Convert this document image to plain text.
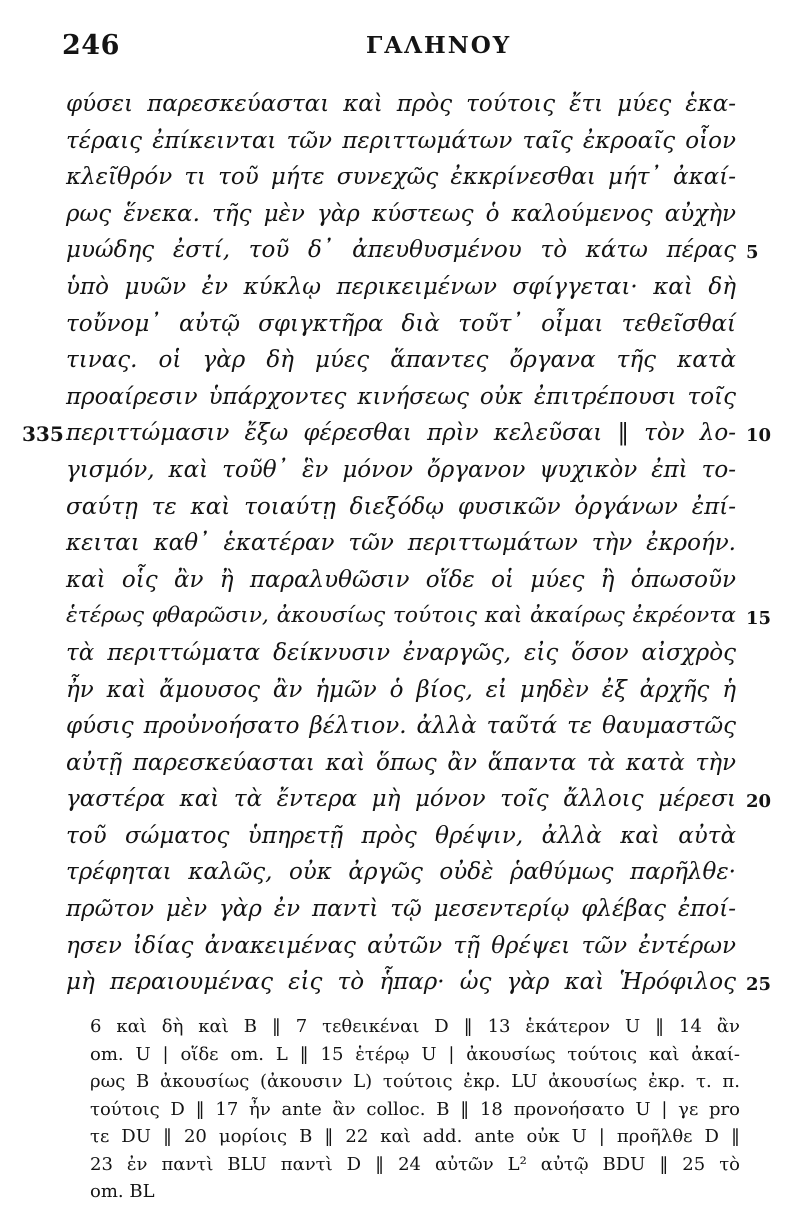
246	ΓΑΛΗΝΟΥ
φύσει παρεσκεύασται καὶ πρὸς τούτοις ἔτι μύες ἑκα-
τέραις ἐπίκεινται τῶν περιττωμάτων ταῖς ἐκροαῖς οἷον
κλεῖθρόν τι τοῦ μήτε συνεχῶς ἐκκρίνεσθαι μήτ᾽ ἀκαί-
ρως ἕνεκα. τῆς μὲν γὰρ κύστεως ὁ καλούμενος αὐχὴν
μυώδης ἐστί, τοῦ δ᾽ ἀπευθυσμένου τὸ κάτω πέρας 5
ὑπὸ μυῶν ἐν κύκλῳ περικειμένων σφίγγεται· καὶ δὴ
τοὔνομ᾽ αὐτῷ σφιγκτῆρα διὰ τοῦτ᾽ οἶμαι τεθεῖσθαί
τινας. οἱ γὰρ δὴ μύες ἅπαντες ὄργανα τῆς κατὰ
προαίρεσιν ὑπάρχοντες κινήσεως οὐκ ἐπιτρέπουσι τοῖς
335 περιττώμασιν ἔξω φέρεσθαι πρὶν κελεῦσαι ‖ τὸν λο- 10
γισμόν, καὶ τοῦθ᾽ ἓν μόνον ὄργανον ψυχικὸν ἐπὶ το-
σαύτῃ τε καὶ τοιαύτῃ διεξόδῳ φυσικῶν ὀργάνων ἐπί-
κειται καθ᾽ ἑκατέραν τῶν περιττωμάτων τὴν ἐκροήν.
καὶ οἷς ἂν ἢ παραλυθῶσιν οἵδε οἱ μύες ἢ ὁπωσοῦν
ἑτέρως φθαρῶσιν, ἀκουσίως τούτοις καὶ ἀκαίρως ἐκρέοντα 15
τὰ περιττώματα δείκνυσιν ἐναργῶς, εἰς ὅσον αἰσχρὸς
ἦν καὶ ἄμουσος ἂν ἡμῶν ὁ βίος, εἰ μηδὲν ἐξ ἀρχῆς ἡ
φύσις προὐνοήσατο βέλτιον. ἀλλὰ ταῦτά τε θαυμαστῶς
αὐτῇ παρεσκεύασται καὶ ὅπως ἂν ἅπαντα τὰ κατὰ τὴν
γαστέρα καὶ τὰ ἔντερα μὴ μόνον τοῖς ἄλλοις μέρεσι 20
τοῦ σώματος ὑπηρετῇ πρὸς θρέψιν, ἀλλὰ καὶ αὐτὰ
τρέφηται καλῶς, οὐκ ἀργῶς οὐδὲ ῥαθύμως παρῆλθε·
πρῶτον μὲν γὰρ ἐν παντὶ τῷ μεσεντερίῳ φλέβας ἐποί-
ησεν ἰδίας ἀνακειμένας αὐτῶν τῇ θρέψει τῶν ἐντέρων
μὴ περαιουμένας εἰς τὸ ἧπαρ· ὡς γὰρ καὶ Ἡρόφιλος 25
6 καὶ δὴ καὶ B ‖ 7 τεθεικέναι D ‖ 13 ἑκάτερον U ‖ 14 ἂν
om. U | οἵδε om. L ‖ 15 ἑτέρῳ U | ἀκουσίως τούτοις καὶ ἀκαί-
ρως B ἀκουσίως (ἀκουσιν L) τούτοις ἐκρ. LU ἀκουσίως ἐκρ. τ. π.
τούτοις D ‖ 17 ἦν ante ἂν colloc. B ‖ 18 προνοήσατο U | γε pro
τε DU ‖ 20 μορίοις B ‖ 22 καὶ add. ante οὐκ U | προῆλθε D ‖
23 ἐν παντὶ BLU παντὶ D ‖ 24 αὐτῶν L² αὐτῷ BDU ‖ 25 τὸ
om. BL
